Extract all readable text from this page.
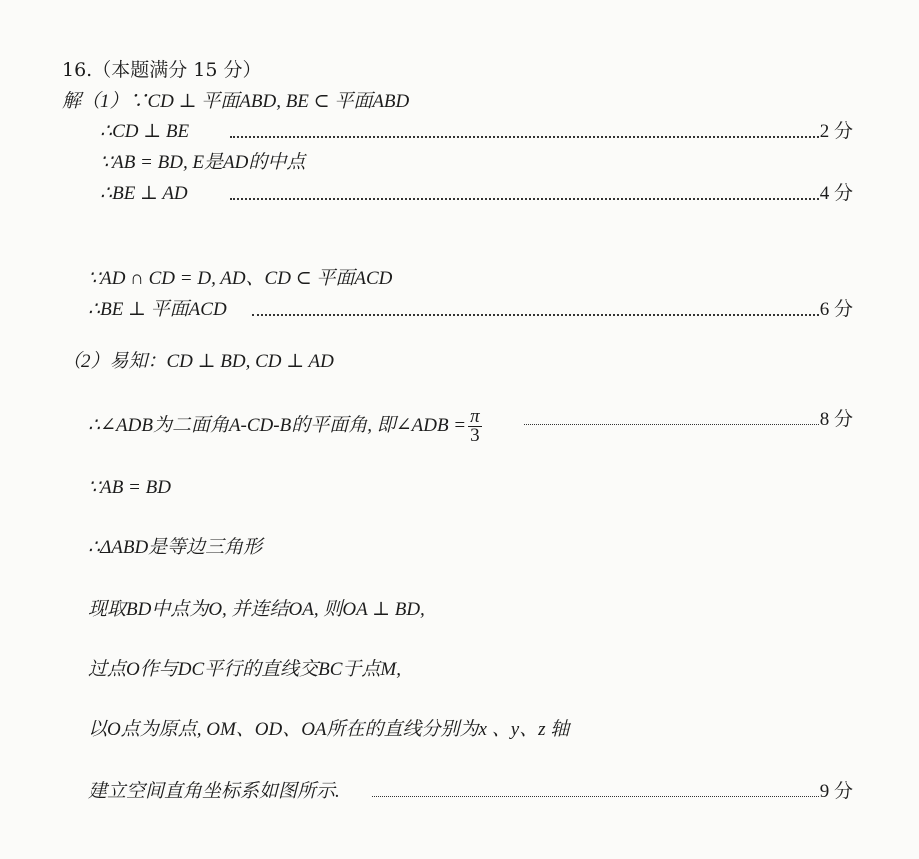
16.（本题满分 15 分）
解（1）∵CD ⊥ 平面ABD, BE ⊂ 平面ABD
∴CD ⊥ BE	2 分
∵AB = BD, E是AD的中点
∴BE ⊥ AD	4 分
∵AD ∩ CD = D, AD、CD ⊂ 平面ACD
∴BE ⊥ 平面ACD	6 分
（2）易知：CD ⊥ BD, CD ⊥ AD
∴∠ADB为二面角A-CD-B的平面角, 即∠ADB = $\frac{\pi}{3}$	8 分
∵AB = BD
∴ΔABD是等边三角形
现取BD中点为O, 并连结OA, 则OA ⊥ BD,
过点O作与DC平行的直线交BC于点M,
以O点为原点, OM、OD、OA所在的直线分别为x 、y、z 轴
建立空间直角坐标系如图所示.	9 分
